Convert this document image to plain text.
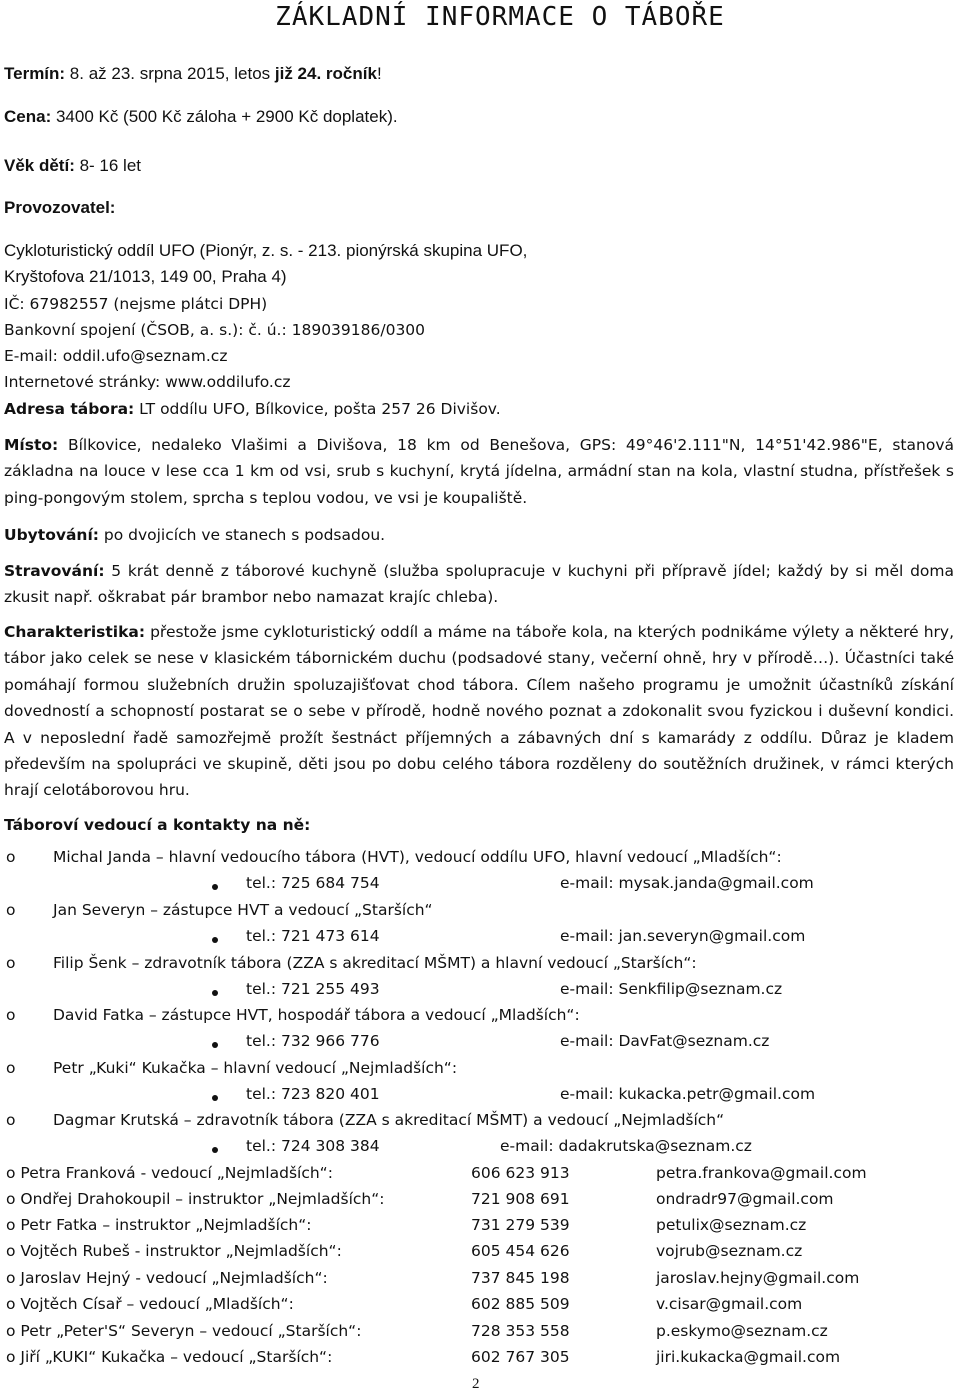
ZÁKLADNÍ INFORMACE O TÁBOŘE
Termín: 8. až 23. srpna 2015, letos již 24. ročník!
Cena: 3400 Kč (500 Kč záloha + 2900 Kč doplatek).
Věk dětí: 8- 16 let
Provozovatel:
Cykloturistický oddíl UFO (Pionýr, z. s. - 213. pionýrská skupina UFO,
Kryštofova 21/1013, 149 00, Praha 4)
IČ: 67982557 (nejsme plátci DPH)
Bankovní spojení (ČSOB, a. s.): č. ú.: 189039186/0300
E-mail: oddil.ufo@seznam.cz
Internetové stránky: www.oddilufo.cz
Adresa tábora: LT oddílu UFO, Bílkovice, pošta 257 26 Divišov.
Místo: Bílkovice, nedaleko Vlašimi a Divišova, 18 km od Benešova, GPS: 49°46'2.111"N, 14°51'42.986"E, stanová základna na louce v lese cca 1 km od vsi, srub s kuchyní, krytá jídelna, armádní stan na kola, vlastní studna, přístřešek s ping-pongovým stolem, sprcha s teplou vodou, ve vsi je koupaliště.
Ubytování: po dvojicích ve stanech s podsadou.
Stravování: 5 krát denně z táborové kuchyně (služba spolupracuje v kuchyni při přípravě jídel; každý by si měl doma zkusit např. oškrabat pár brambor nebo namazat krajíc chleba).
Charakteristika: přestože jsme cykloturistický oddíl a máme na táboře kola, na kterých podnikáme výlety a některé hry, tábor jako celek se nese v klasickém tábornickém duchu (podsadové stany, večerní ohně, hry v přírodě…). Účastníci také pomáhají formou služebních družin spoluzajišťovat chod tábora. Cílem našeho programu je umožnit účastníků získání dovedností a schopností postarat se o sebe v přírodě, hodně nového poznat a zdokonalit svou fyzickou i duševní kondici. A v neposlední řadě samozřejmě prožít šestnáct příjemných a zábavných dní s kamarády z oddílu. Důraz je kladem především na spolupráci ve skupině, děti jsou po dobu celého tábora rozděleny do soutěžních družinek, v rámci kterých hrají celotáborovou hru.
Táboroví vedoucí a kontakty na ně:
o Michal Janda – hlavní vedoucího tábora (HVT), vedoucí oddílu UFO, hlavní vedoucí „Mladších“:
tel.: 725 684 754	e-mail: mysak.janda@gmail.com
o Jan Severyn – zástupce HVT a vedoucí „Starších“
tel.: 721 473 614	e-mail: jan.severyn@gmail.com
o Filip Šenk – zdravotník tábora (ZZA s akreditací MŠMT) a hlavní vedoucí „Starších“:
tel.: 721 255 493	e-mail: Senkfilip@seznam.cz
o David Fatka – zástupce HVT, hospodář tábora a vedoucí „Mladších“:
tel.: 732 966 776	e-mail: DavFat@seznam.cz
o Petr „Kuki“ Kukačka – hlavní vedoucí „Nejmladších“:
tel.: 723 820 401	e-mail: kukacka.petr@gmail.com
o Dagmar Krutská – zdravotník tábora (ZZA s akreditací MŠMT) a vedoucí „Nejmladších“
tel.: 724 308 384	e-mail: dadakrutska@seznam.cz
o Petra Franková - vedoucí „Nejmladších“:	606 623 913	petra.frankova@gmail.com
o Ondřej Drahokoupil – instruktor „Nejmladších“:	721 908 691	ondradr97@gmail.com
o Petr Fatka – instruktor „Nejmladších“:	731 279 539	petulix@seznam.cz
o Vojtěch Rubeš - instruktor „Nejmladších“:	605 454 626	vojrub@seznam.cz
o Jaroslav Hejný - vedoucí „Nejmladších“:	737 845 198	jaroslav.hejny@gmail.com
o Vojtěch Císař – vedoucí „Mladších“:	602 885 509	v.cisar@gmail.com
o Petr „Peter'S“ Severyn – vedoucí „Starších“:	728 353 558	p.eskymo@seznam.cz
o Jiří „KUKI“ Kukačka – vedoucí „Starších“:	602 767 305	jiri.kukacka@gmail.com
2
